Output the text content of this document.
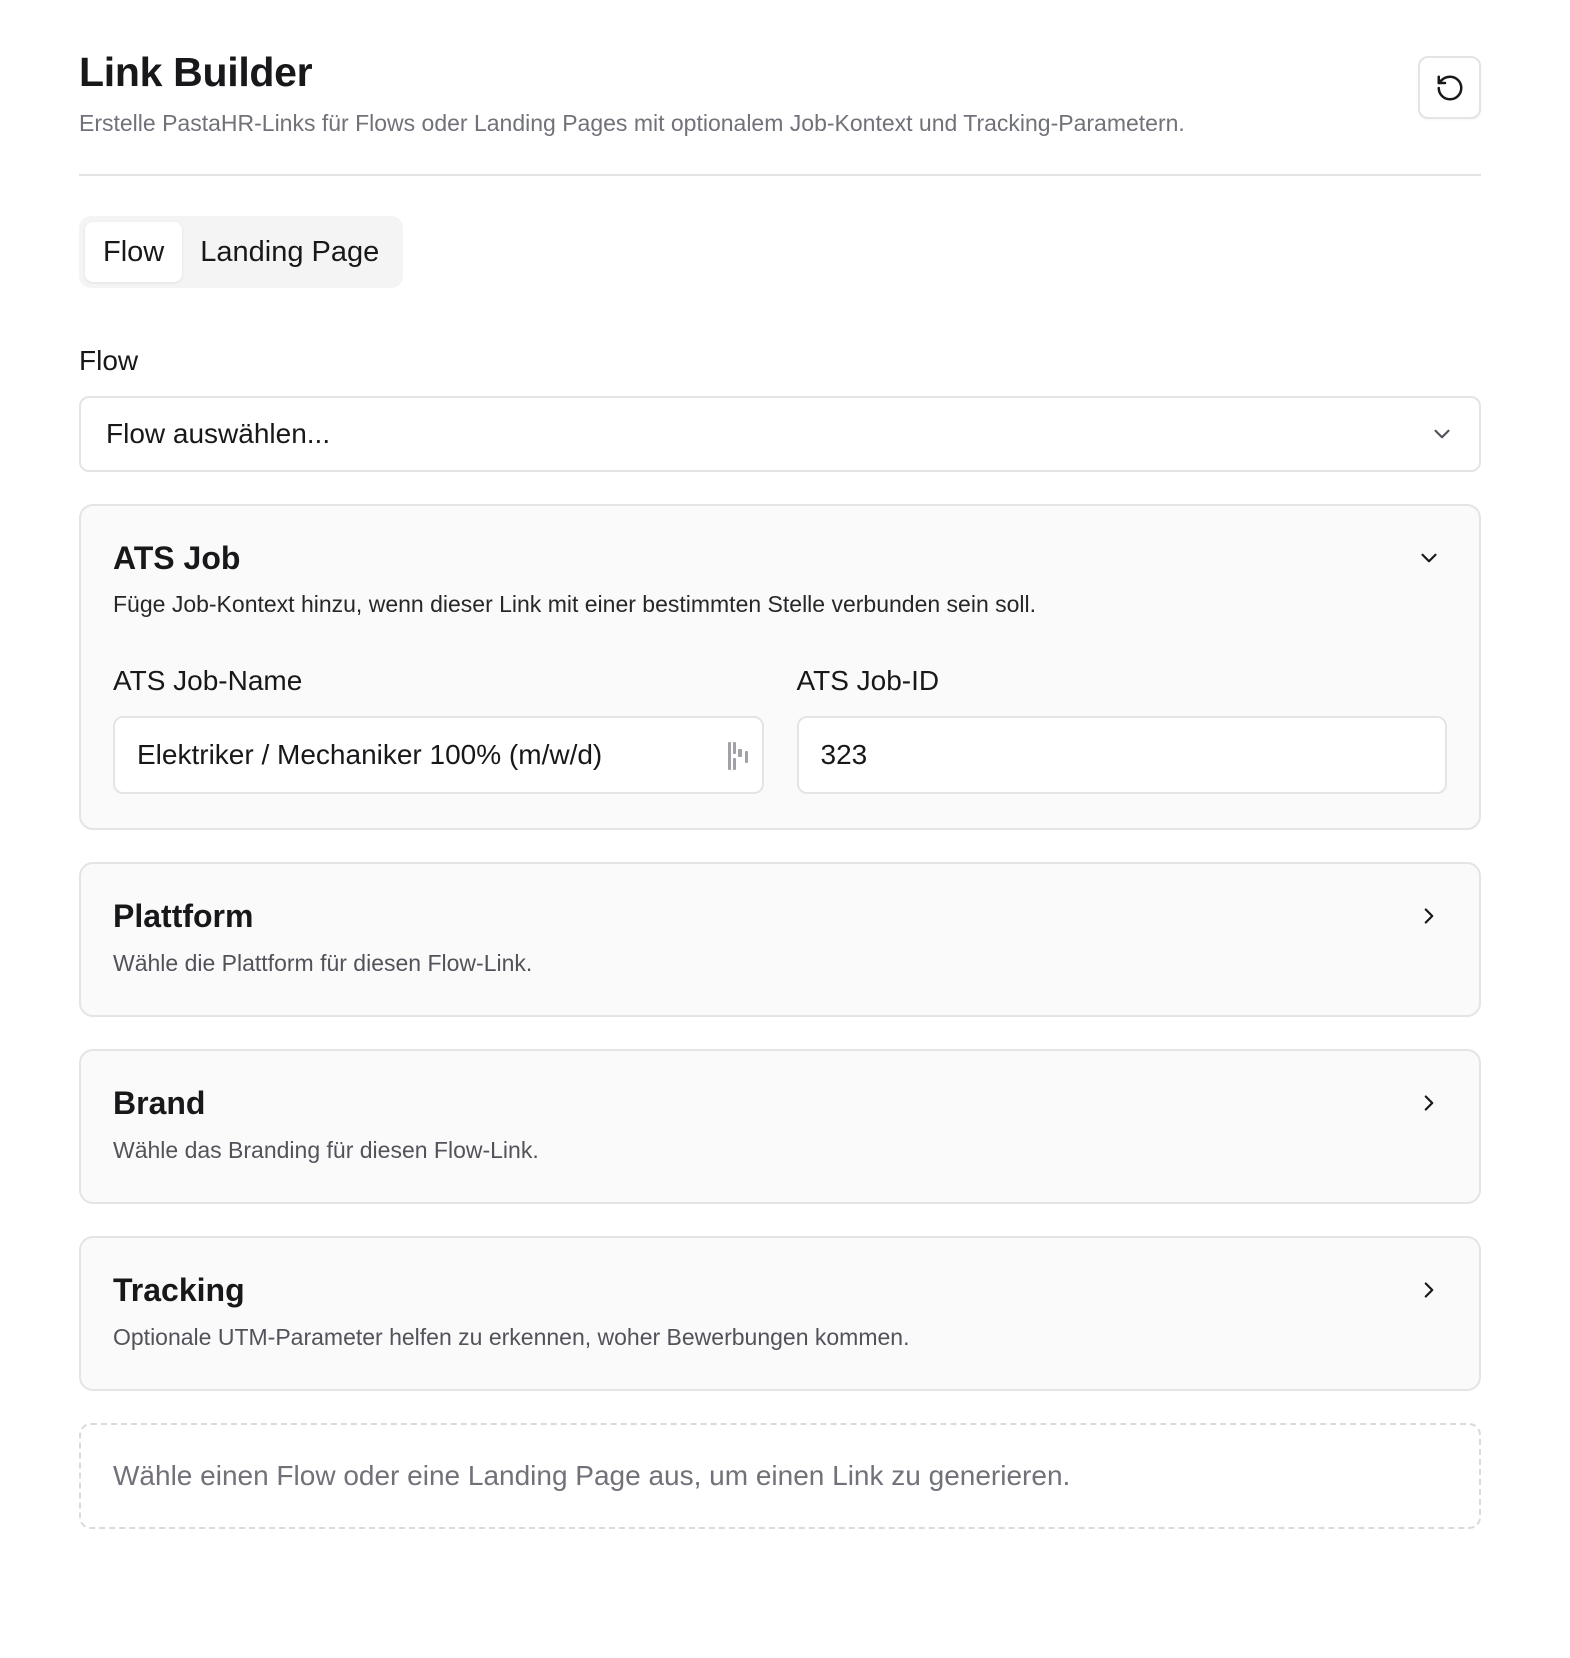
Link Builder

Erstelle PastaHR-Links für Flows oder Landing Pages mit optionalem Job-Kontext und Tracking-Parametern.

Flow	Landing Page
Flow
Flow auswählen...
ATS Job
Füge Job-Kontext hinzu, wenn dieser Link mit einer bestimmten Stelle verbunden sein soll.
ATS Job-Name
Elektriker / Mechaniker 100% (m/w/d)
ATS Job-ID
323
Plattform
Wähle die Plattform für diesen Flow-Link.
Brand
Wähle das Branding für diesen Flow-Link.
Tracking
Optionale UTM-Parameter helfen zu erkennen, woher Bewerbungen kommen.
Wähle einen Flow oder eine Landing Page aus, um einen Link zu generieren.
